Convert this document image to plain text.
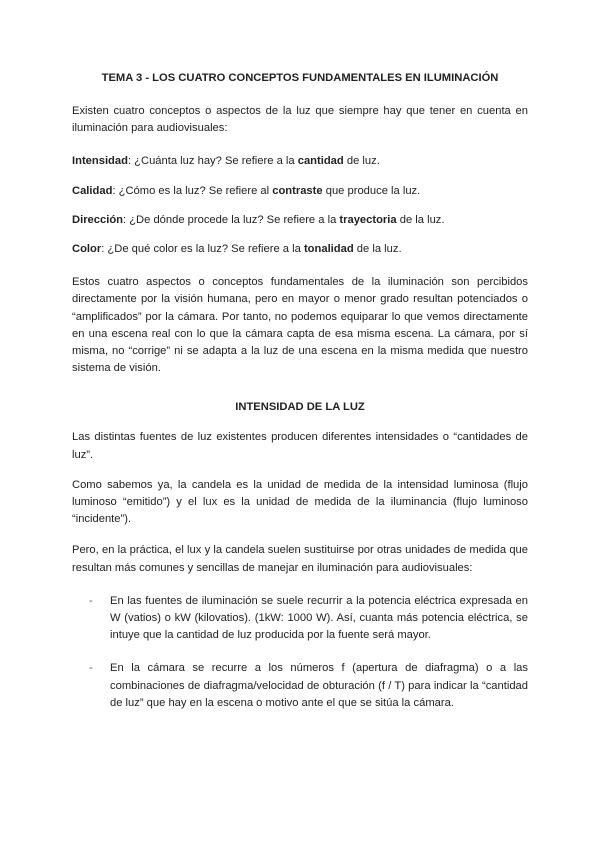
TEMA 3 - LOS CUATRO CONCEPTOS FUNDAMENTALES EN ILUMINACIÓN

Existen cuatro conceptos o aspectos de la luz que siempre hay que tener en cuenta en iluminación para audiovisuales:

Intensidad: ¿Cuánta luz hay? Se refiere a la cantidad de luz.

Calidad: ¿Cómo es la luz? Se refiere al contraste que produce la luz.

Dirección: ¿De dónde procede la luz? Se refiere a la trayectoria de la luz.

Color: ¿De qué color es la luz? Se refiere a la tonalidad de la luz.

Estos cuatro aspectos o conceptos fundamentales de la iluminación son percibidos directamente por la visión humana, pero en mayor o menor grado resultan potenciados o “amplificados” por la cámara. Por tanto, no podemos equiparar lo que vemos directamente en una escena real con lo que la cámara capta de esa misma escena. La cámara, por sí misma, no “corrige” ni se adapta a la luz de una escena en la misma medida que nuestro sistema de visión.

INTENSIDAD DE LA LUZ

Las distintas fuentes de luz existentes producen diferentes intensidades o “cantidades de luz”.

Como sabemos ya, la candela es la unidad de medida de la intensidad luminosa (flujo luminoso “emitido”) y el lux es la unidad de medida de la iluminancia (flujo luminoso “incidente”).

Pero, en la práctica, el lux y la candela suelen sustituirse por otras unidades de medida que resultan más comunes y sencillas de manejar en iluminación para audiovisuales:

- En las fuentes de iluminación se suele recurrir a la potencia eléctrica expresada en W (vatios) o kW (kilovatios). (1kW: 1000 W). Así, cuanta más potencia eléctrica, se intuye que la cantidad de luz producida por la fuente será mayor.
- En la cámara se recurre a los números f (apertura de diafragma) o a las combinaciones de diafragma/velocidad de obturación (f / T) para indicar la “cantidad de luz” que hay en la escena o motivo ante el que se sitúa la cámara.
